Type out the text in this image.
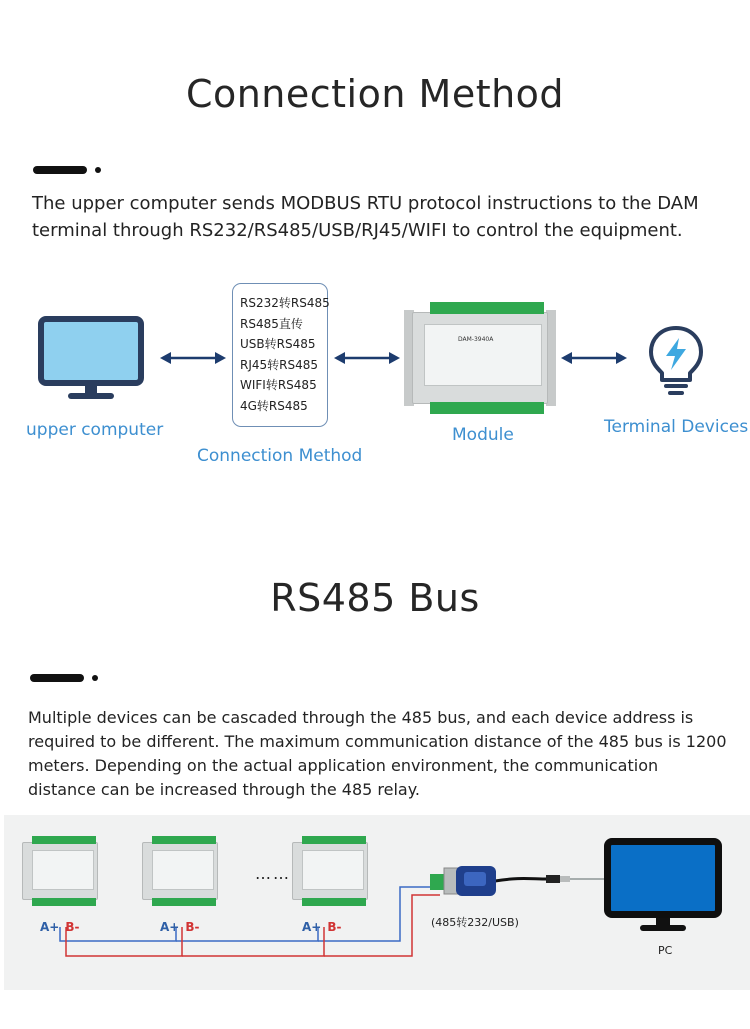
Connection Method

The upper computer sends MODBUS RTU protocol instructions to the DAM terminal through RS232/RS485/USB/RJ45/WIFI to control the equipment.

upper computer
RS232转RS485
RS485直传
USB转RS485
RJ45转RS485
WIFI转RS485
4G转RS485
Connection Method
DAM-3940A
Module	Terminal Devices
RS485 Bus

Multiple devices can be cascaded through the 485 bus, and each device address is required to be different. The maximum communication distance of the 485 bus is 1200 meters. Depending on the actual application environment, the communication distance can be increased through the 485 relay.

……
A+ B-	A+ B-	A+ B-	(485转232/USB)
PC
